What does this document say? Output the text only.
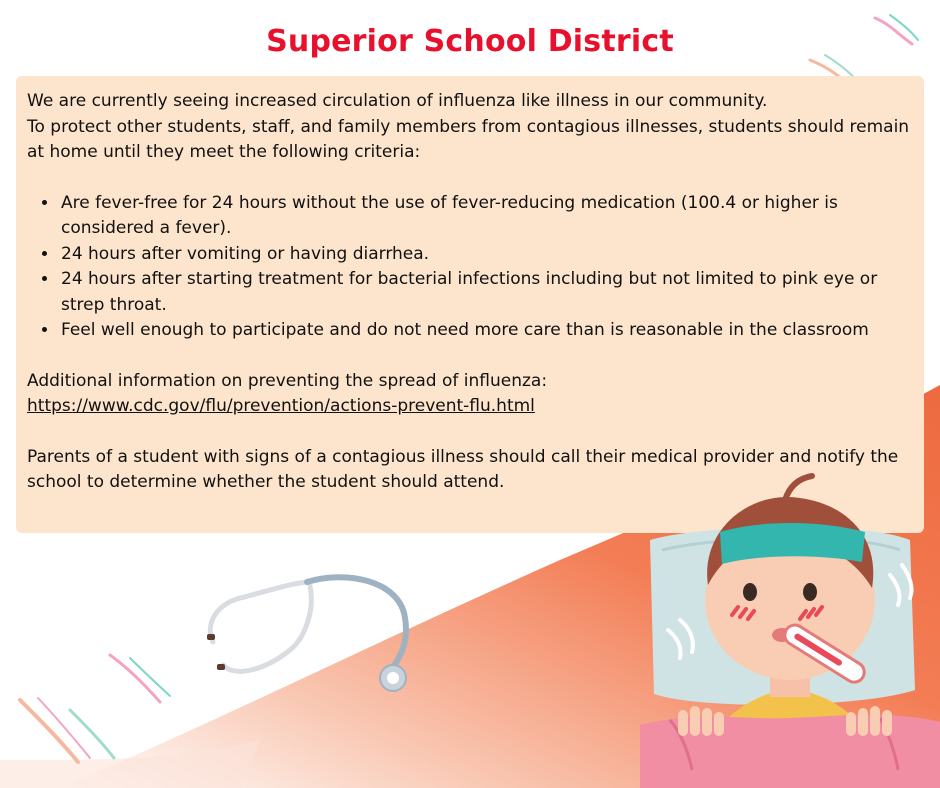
Superior School District

We are currently seeing increased circulation of influenza like illness in our community.

To protect other students, staff, and family members from contagious illnesses, students should remain at home until they meet the following criteria:

• Are fever-free for 24 hours without the use of fever-reducing medication (100.4 or higher is considered a fever).
• 24 hours after vomiting or having diarrhea.
• 24 hours after starting treatment for bacterial infections including but not limited to pink eye or strep throat.
• Feel well enough to participate and do not need more care than is reasonable in the classroom

Additional information on preventing the spread of influenza:

https://www.cdc.gov/flu/prevention/actions-prevent-flu.html

Parents of a student with signs of a contagious illness should call their medical provider and notify the school to determine whether the student should attend.
